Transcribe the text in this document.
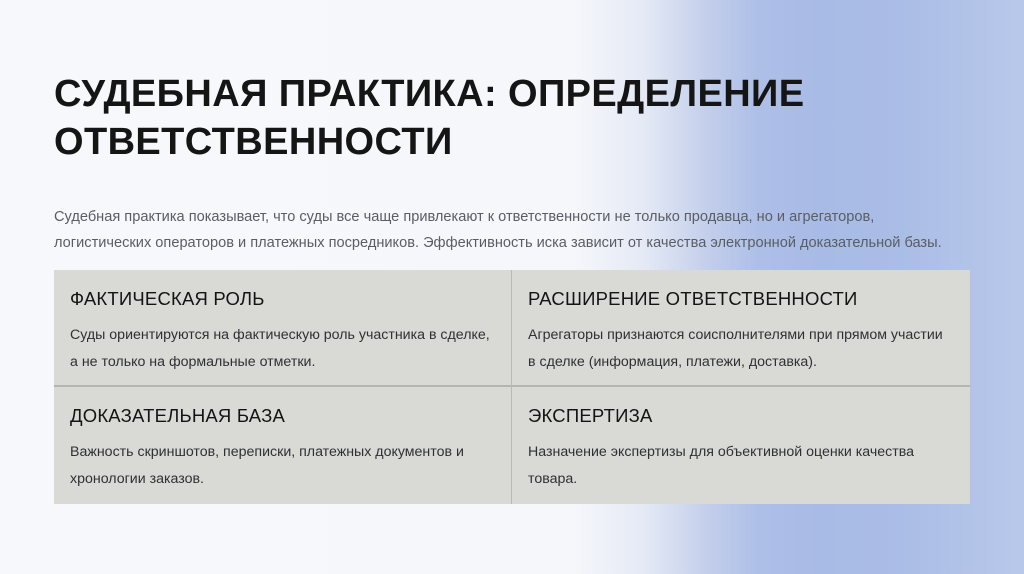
СУДЕБНАЯ ПРАКТИКА: ОПРЕДЕЛЕНИЕ ОТВЕТСТВЕННОСТИ

Судебная практика показывает, что суды все чаще привлекают к ответственности не только продавца, но и агрегаторов, логистических операторов и платежных посредников. Эффективность иска зависит от качества электронной доказательной базы.

ФАКТИЧЕСКАЯ РОЛЬ

Суды ориентируются на фактическую роль участника в сделке, а не только на формальные отметки.

РАСШИРЕНИЕ ОТВЕТСТВЕННОСТИ

Агрегаторы признаются соисполнителями при прямом участии в сделке (информация, платежи, доставка).

ДОКАЗАТЕЛЬНАЯ БАЗА

Важность скриншотов, переписки, платежных документов и хронологии заказов.

ЭКСПЕРТИЗА

Назначение экспертизы для объективной оценки качества товара.
